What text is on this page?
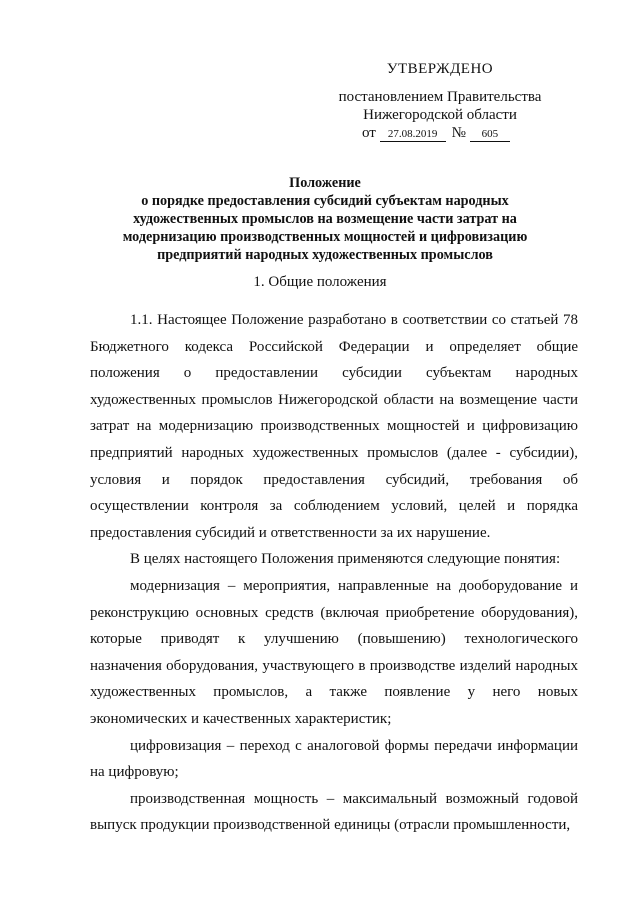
УТВЕРЖДЕНО
постановлением Правительства
Нижегородской области
от 27.08.2019 № 605
Положение
о порядке предоставления субсидий субъектам народных
художественных промыслов на возмещение части затрат на
модернизацию производственных мощностей и цифровизацию
предприятий народных художественных промыслов
1. Общие положения

1.1. Настоящее Положение разработано в соответствии со статьей 78 Бюджетного кодекса Российской Федерации и определяет общие положения о предоставлении субсидии субъектам народных художественных промыслов Нижегородской области на возмещение части затрат на модернизацию производственных мощностей и цифровизацию предприятий народных художественных промыслов (далее - субсидии), условия и порядок предоставления субсидий, требования об осуществлении контроля за соблюдением условий, целей и порядка предоставления субсидий и ответственности за их нарушение.

В целях настоящего Положения применяются следующие понятия:

модернизация – мероприятия, направленные на дооборудование и реконструкцию основных средств (включая приобретение оборудования), которые приводят к улучшению (повышению) технологического назначения оборудования, участвующего в производстве изделий народных художественных промыслов, а также появление у него новых экономических и качественных характеристик;

цифровизация – переход с аналоговой формы передачи информации на цифровую;

производственная мощность – максимальный возможный годовой выпуск продукции производственной единицы (отрасли промышленности,
